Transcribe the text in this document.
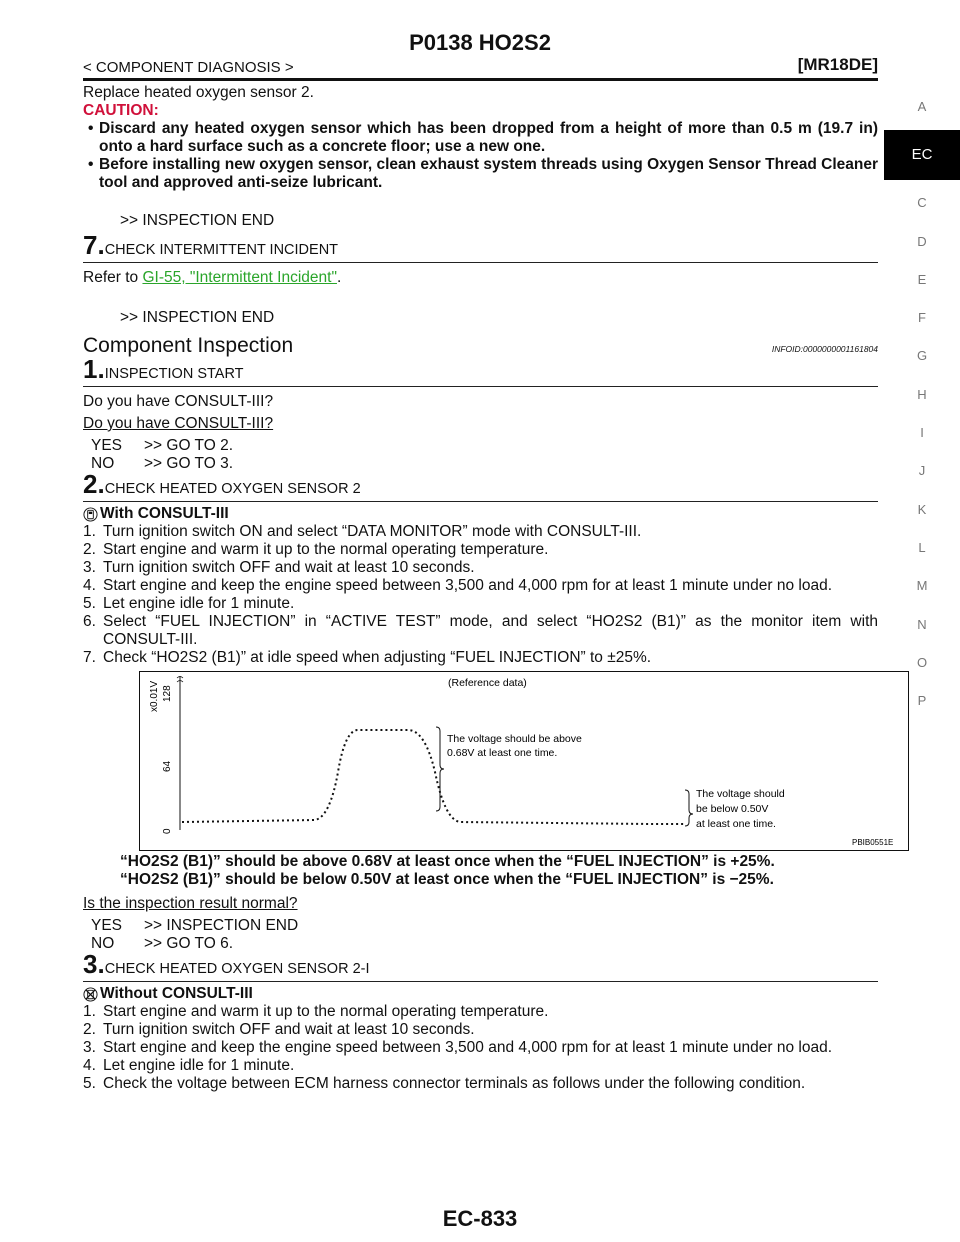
P0138 HO2S2
< COMPONENT DIAGNOSIS >	[MR18DE]

Replace heated oxygen sensor 2.

CAUTION:

• Discard any heated oxygen sensor which has been dropped from a height of more than 0.5 m (19.7 in) onto a hard surface such as a concrete floor; use a new one.

• Before installing new oxygen sensor, clean exhaust system threads using Oxygen Sensor Thread Cleaner tool and approved anti-seize lubricant.

>> INSPECTION END

7.CHECK INTERMITTENT INCIDENT

Refer to GI-55, "Intermittent Incident".

>> INSPECTION END

Component Inspection	INFOID:0000000001161804
1.INSPECTION START

Do you have CONSULT-III?

Do you have CONSULT-III?

YES	>> GO TO 2.
NO	>> GO TO 3.
2.CHECK HEATED OXYGEN SENSOR 2
With CONSULT-III
1. Turn ignition switch ON and select “DATA MONITOR” mode with CONSULT-III.
2. Start engine and warm it up to the normal operating temperature.
3. Turn ignition switch OFF and wait at least 10 seconds.
4. Start engine and keep the engine speed between 3,500 and 4,000 rpm for at least 1 minute under no load.
5. Let engine idle for 1 minute.
6. Select “FUEL INJECTION” in “ACTIVE TEST” mode, and select “HO2S2 (B1)” as the monitor item with CONSULT-III.
7. Check “HO2S2 (B1)” at idle speed when adjusting “FUEL INJECTION” to ±25%.
x0.01V 128
64
0
(Reference data)
The voltage should be above
0.68V at least one time.
The voltage should
be below 0.50V
at least one time.
PBIB0551E

“HO2S2 (B1)” should be above 0.68V at least once when the “FUEL INJECTION” is +25%.

“HO2S2 (B1)” should be below 0.50V at least once when the “FUEL INJECTION” is −25%.

Is the inspection result normal?

YES	>> INSPECTION END
NO	>> GO TO 6.
3.CHECK HEATED OXYGEN SENSOR 2-I
Without CONSULT-III
1. Start engine and warm it up to the normal operating temperature.
2. Turn ignition switch OFF and wait at least 10 seconds.
3. Start engine and keep the engine speed between 3,500 and 4,000 rpm for at least 1 minute under no load.
4. Let engine idle for 1 minute.
5. Check the voltage between ECM harness connector terminals as follows under the following condition.
A
EC
C
D
E
F
G
H
I
J
K
L
M
N
O
P
EC-833
